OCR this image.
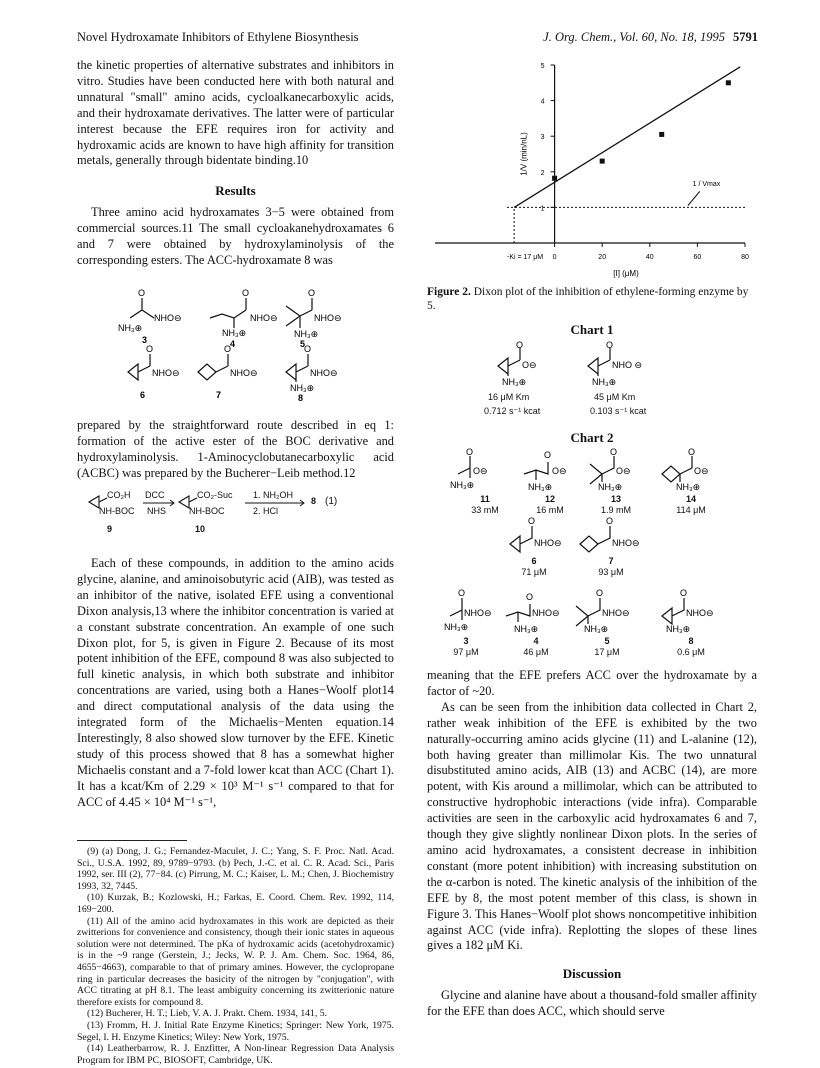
Novel Hydroxamate Inhibitors of Ethylene Biosynthesis	J. Org. Chem., Vol. 60, No. 18, 1995 5791

the kinetic properties of alternative substrates and inhibitors in vitro. Studies have been conducted here with both natural and unnatural "small" amino acids, cycloalkanecarboxylic acids, and their hydroxamate derivatives. The latter were of particular interest because the EFE requires iron for activity and hydroxamic acids are known to have high affinity for transition metals, generally through bidentate binding.10

Results

Three amino acid hydroxamates 3−5 were obtained from commercial sources.11 The small cycloakanehydroxamates 6 and 7 were obtained by hydroxylaminolysis of the corresponding esters. The ACC-hydroxamate 8 was

O
NHO⊖
NH₃⊕
3
O
NHO⊖
NH₃⊕
4
O
NHO⊖
NH₃⊕
5
O
NHO⊖
6
O
NHO⊖
7
O
NHO⊖
NH₃⊕
8

prepared by the straightforward route described in eq 1: formation of the active ester of the BOC derivative and hydroxylaminolysis. 1-Aminocyclobutanecarboxylic acid (ACBC) was prepared by the Bucherer−Leib method.12

CO₂H
NH-BOC
9
DCC
NHS
CO₂-Suc
NH-BOC
10
1. NH₂OH
2. HCl
8 (1)

Each of these compounds, in addition to the amino acids glycine, alanine, and aminoisobutyric acid (AIB), was tested as an inhibitor of the native, isolated EFE using a conventional Dixon analysis,13 where the inhibitor concentration is varied at a constant substrate concentration. An example of one such Dixon plot, for 5, is given in Figure 2. Because of its most potent inhibition of the EFE, compound 8 was also subjected to full kinetic analysis, in which both substrate and inhibitor concentrations are varied, using both a Hanes−Woolf plot14 and direct computational analysis of the data using the integrated form of the Michaelis−Menten equation.14 Interestingly, 8 also showed slow turnover by the EFE. Kinetic study of this process showed that 8 has a somewhat higher Michaelis constant and a 7-fold lower kcat than ACC (Chart 1). It has a kcat/Km of 2.29 × 10³ M⁻¹ s⁻¹ compared to that for ACC of 4.45 × 10⁴ M⁻¹ s⁻¹,

(9) (a) Dong, J. G.; Fernandez-Maculet, J. C.; Yang, S. F. Proc. Natl. Acad. Sci., U.S.A. 1992, 89, 9789−9793. (b) Pech, J.-C. et al. C. R. Acad. Sci., Paris 1992, ser. III (2), 77−84. (c) Pirrung, M. C.; Kaiser, L. M.; Chen, J. Biochemistry 1993, 32, 7445.
(10) Kurzak, B.; Kozlowski, H.; Farkas, E. Coord. Chem. Rev. 1992, 114, 169−200.
(11) All of the amino acid hydroxamates in this work are depicted as their zwitterions for convenience and consistency, though their ionic states in aqueous solution were not determined. The pKa of hydroxamic acids (acetohydroxamic) is in the ~9 range (Gerstein, J.; Jecks, W. P. J. Am. Chem. Soc. 1964, 86, 4655−4663), comparable to that of primary amines. However, the cyclopropane ring in particular decreases the basicity of the nitrogen by "conjugation", with ACC titrating at pH 8.1. The least ambiguity concerning its zwitterionic nature therefore exists for compound 8.
(12) Bucherer, H. T.; Lieb, V. A. J. Prakt. Chem. 1934, 141, 5.
(13) Fromm, H. J. Initial Rate Enzyme Kinetics; Springer: New York, 1975. Segel, I. H. Enzyme Kinetics; Wiley: New York, 1975.
(14) Leatherbarrow, R. J. Enzfitter, A Non-linear Regression Data Analysis Program for IBM PC, BIOSOFT, Cambridge, UK.
1
2
3
4
5
0	20	40	60	80
[I] (μM)
1/V (min/nL)
-Ki = 17 μM
1 / Vmax
Figure 2. Dixon plot of the inhibition of ethylene-forming enzyme by 5.
Chart 1
O
O⊖
NH₃⊕
O
NHO ⊖
NH₃⊕
16 μM Km
0.712 s⁻¹ kcat
45 μM Km
0.103 s⁻¹ kcat
Chart 2
O
O⊖
NH₃⊕
O
O⊖
NH₃⊕
O
O⊖
NH₃⊕
O
O⊖
NH₃⊕
O
NHO⊖
O
NHO⊖
O
NHO⊖
NH₃⊕
O
NHO⊖
NH₃⊕
O
NHO⊖
NH₃⊕
O
NHO⊖
NH₃⊕
11
33 mM
12
16 mM
13
1.9 mM
14
114 μM
6
71 μM
7
93 μM
3
97 μM
4
46 μM
5
17 μM
8
0.6 μM

meaning that the EFE prefers ACC over the hydroxamate by a factor of ~20.

As can be seen from the inhibition data collected in Chart 2, rather weak inhibition of the EFE is exhibited by the two naturally-occurring amino acids glycine (11) and L-alanine (12), both having greater than millimolar Kis. The two unnatural disubstituted amino acids, AIB (13) and ACBC (14), are more potent, with Kis around a millimolar, which can be attributed to constructive hydrophobic interactions (vide infra). Comparable activities are seen in the carboxylic acid hydroxamates 6 and 7, though they give slightly nonlinear Dixon plots. In the series of amino acid hydroxamates, a consistent decrease in inhibition constant (more potent inhibition) with increasing substitution on the α-carbon is noted. The kinetic analysis of the inhibition of the EFE by 8, the most potent member of this class, is shown in Figure 3. This Hanes−Woolf plot shows noncompetitive inhibition against ACC (vide infra). Replotting the slopes of these lines gives a 182 μM Ki.

Discussion

Glycine and alanine have about a thousand-fold smaller affinity for the EFE than does ACC, which should serve
